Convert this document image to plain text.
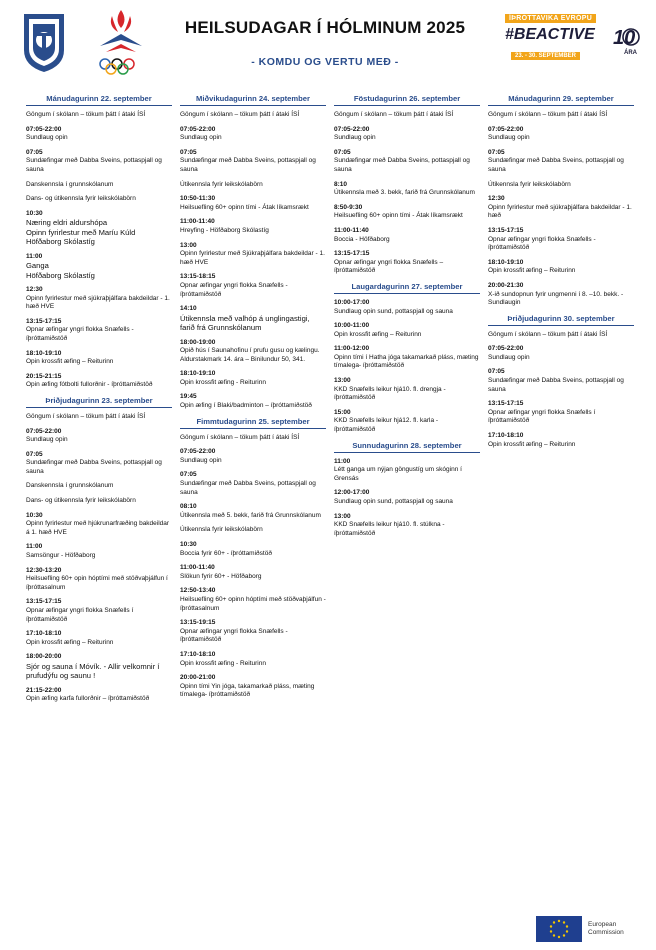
HEILSUDAGAR Í HÓLMINUM 2025
- KOMDU OG VERTU MEÐ -
ÍÞRÓTTAVIKA EVRÓPU
#BEACTIVE
23. - 30. SEPTEMBER
10
ÁRA
Mánudagurinn 22. september
Göngum í skólann – tökum þátt í átaki ÍSÍ
07:05-22:00
Sundlaug opin
07:05
Sundæfingar með Dabba Sveins, pottaspjall og sauna
Danskennsla í grunnskólanum
Dans- og útikennsla fyrir leikskólabörn
10:30
Næring eldri aldurshópa
Opinn fyrirlestur með Maríu Kúld
Höfðaborg Skólastíg
11:00
Ganga
Höfðaborg Skólastíg
12:30
Opinn fyrirlestur með sjúkraþjálfara bakdeildar - 1. hæð HVE
13:15-17:15
Opnar æfingar yngri flokka Snæfells - íþróttamiðstöð
18:10-19:10
Opin krossfit æfing – Reiturinn
20:15-21:15
Opin æfing fótbolti fullorðnir - íþróttamiðstöð
Þriðjudagurinn 23. september
Göngum í skólann – tökum þátt í átaki ÍSÍ
07:05-22:00
Sundlaug opin
07:05
Sundæfingar með Dabba Sveins, pottaspjall og sauna
Danskennsla í grunnskólanum
Dans- og útikennsla fyrir leikskólabörn
10:30
Opinn fyrirlestur með hjúkrunarfræðing bakdeildar á 1. hæð HVE
11:00
Samsöngur - Höfðaborg
12:30-13:20
Heilsuefling 60+ opin hóptími með stöðvaþjálfun í íþróttasalnum
13:15-17:15
Opnar æfingar yngri flokka Snæfells í íþróttamiðstöð
17:10-18:10
Opin krossfit æfing – Reiturinn
18:00-20:00
Sjór og sauna í Móvík. - Allir velkomnir í prufudýfu og saunu !
21:15-22:00
Opin æfing karfa fullorðnir – íþróttamiðstöð
Miðvikudagurinn 24. september
Göngum í skólann – tökum þátt í átaki ÍSÍ
07:05-22:00
Sundlaug opin
07:05
Sundæfingar með Dabba Sveins, pottaspjall og sauna
Útikennsla fyrir leikskólabörn
10:50-11:30
Heilsuefling 60+ opinn tími - Átak líkamsrækt
11:00-11:40
Hreyfing - Höfðaborg Skólastíg
13:00
Opinn fyrirlestur með Sjúkraþjálfara bakdeildar - 1. hæð HVE
13:15-18:15
Opnar æfingar yngri flokka Snæfells - íþróttamiðstöð
14:10
Útikennsla með valhóp á unglingastigi, farið frá Grunnskólanum
18:00-19:00
Opið hús í Saunahofinu í prufu gusu og kælingu. Aldurstakmark 14. ára – Binilundur 50, 341.
18:10-19:10
Opin krossfit æfing - Reiturinn
19:45
Opin æfing í Blaki/badminton – íþróttamiðstöð
Fimmtudagurinn 25. september
Göngum í skólann – tökum þátt í átaki ÍSÍ
07:05-22:00
Sundlaug opin
07:05
Sundæfingar með Dabba Sveins, pottaspjall og sauna
08:10
Útikennsla með 5. bekk, farið frá Grunnskólanum
Útikennsla fyrir leikskólabörn
10:30
Boccia fyrir 60+ - íþróttamiðstöð
11:00-11:40
Slökun fyrir 60+ - Höfðaborg
12:50-13:40
Heilsuefling 60+ opinn hóptími með stöðvaþjálfun - íþróttasalnum
13:15-19:15
Opnar æfingar yngri flokka Snæfells - íþróttamiðstöð
17:10-18:10
Opin krossfit æfing - Reiturinn
20:00-21:00
Opinn tími Yin jóga, takamarkað pláss, mæting tímalega- íþróttamiðstöð
Föstudagurinn 26. september
Göngum í skólann – tökum þátt í átaki ÍSÍ
07:05-22:00
Sundlaug opin
07:05
Sundæfingar með Dabba Sveins, pottaspjall og sauna
8:10
Útikennsla með 3. bekk, farið frá Grunnskólanum
8:50-9:30
Heilsuefling 60+ opinn tími - Átak líkamsrækt
11:00-11:40
Boccia - Höfðaborg
13:15-17:15
Opnar æfingar yngri flokka Snæfells – íþróttamiðstöð
Laugardagurinn 27. september
10:00-17:00
Sundlaug opin sund, pottaspjall og sauna
10:00-11:00
Opin krossfit æfing – Reiturinn
11:00-12:00
Opinn tími í Hatha jóga takamarkað pláss, mæting tímalega- íþróttamiðstöð
13:00
KKD Snæfells leikur hjá10. fl. drengja - íþróttamiðstöð
15:00
KKD Snæfells leikur hjá12. fl. karla - íþróttamiðstöð
Sunnudagurinn 28. september
11:00
Létt ganga um nýjan göngustíg um skóginn í Grensás
12:00-17:00
Sundlaug opin sund, pottaspjall og sauna
13:00
KKD Snæfells leikur hjá10. fl. stúlkna - íþróttamiðstöð
Mánudagurinn 29. september
Göngum í skólann – tökum þátt í átaki ÍSÍ
07:05-22:00
Sundlaug opin
07:05
Sundæfingar með Dabba Sveins, pottaspjall og sauna
Útikennsla fyrir leikskólabörn
12:30
Opinn fyrirlestur með sjúkraþjálfara bakdeildar - 1. hæð
13:15-17:15
Opnar æfingar yngri flokka Snæfells - íþróttamiðstöð
18:10-19:10
Opin krossfit æfing – Reiturinn
20:00-21:30
X-ið sundopnun fyrir ungmenni í 8. –10. bekk. - Sundlaugin
Þriðjudagurinn 30. september
Göngum í skólann – tökum þátt í átaki ÍSÍ
07:05-22:00
Sundlaug opin
07:05
Sundæfingar með Dabba Sveins, pottaspjall og sauna
13:15-17:15
Opnar æfingar yngri flokka Snæfells í íþróttamiðstöð
17:10-18:10
Opin krossfit æfing – Reiturinn
European
Commission
